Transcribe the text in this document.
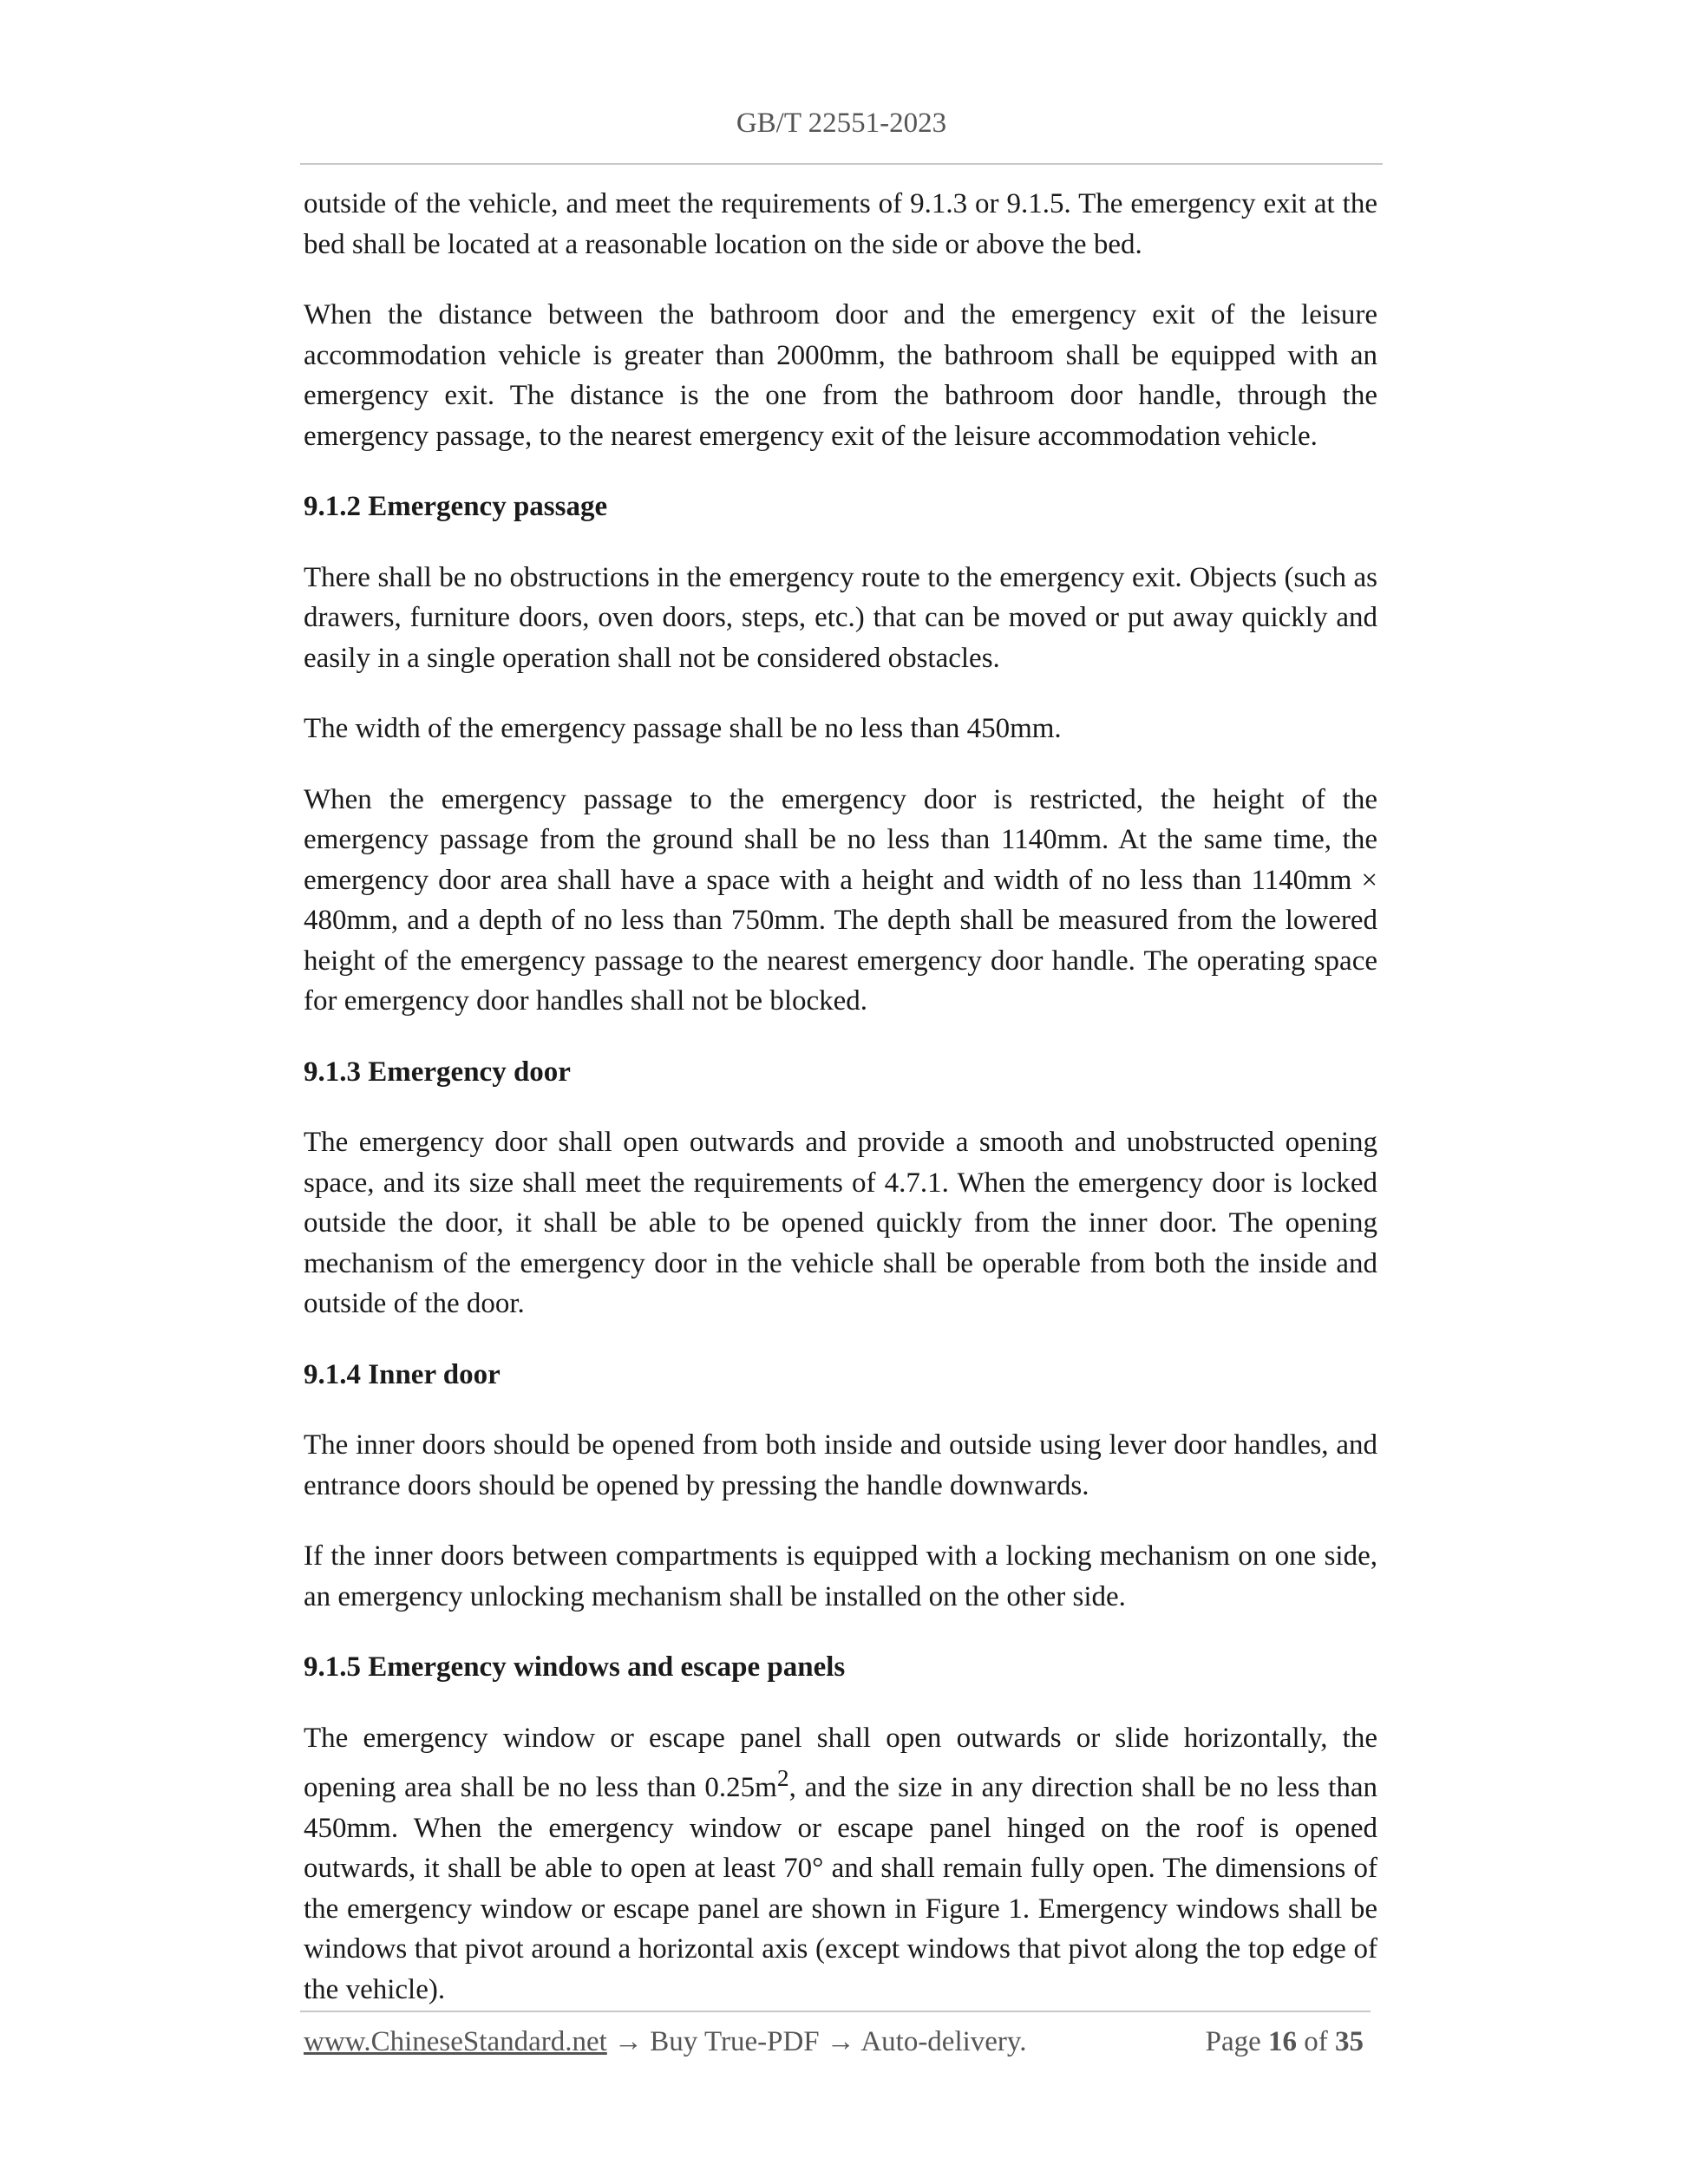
GB/T 22551-2023

outside of the vehicle, and meet the requirements of 9.1.3 or 9.1.5. The emergency exit at the bed shall be located at a reasonable location on the side or above the bed.

When the distance between the bathroom door and the emergency exit of the leisure accommodation vehicle is greater than 2000mm, the bathroom shall be equipped with an emergency exit. The distance is the one from the bathroom door handle, through the emergency passage, to the nearest emergency exit of the leisure accommodation vehicle.

9.1.2 Emergency passage

There shall be no obstructions in the emergency route to the emergency exit. Objects (such as drawers, furniture doors, oven doors, steps, etc.) that can be moved or put away quickly and easily in a single operation shall not be considered obstacles.

The width of the emergency passage shall be no less than 450mm.

When the emergency passage to the emergency door is restricted, the height of the emergency passage from the ground shall be no less than 1140mm. At the same time, the emergency door area shall have a space with a height and width of no less than 1140mm × 480mm, and a depth of no less than 750mm. The depth shall be measured from the lowered height of the emergency passage to the nearest emergency door handle. The operating space for emergency door handles shall not be blocked.

9.1.3 Emergency door

The emergency door shall open outwards and provide a smooth and unobstructed opening space, and its size shall meet the requirements of 4.7.1. When the emergency door is locked outside the door, it shall be able to be opened quickly from the inner door. The opening mechanism of the emergency door in the vehicle shall be operable from both the inside and outside of the door.

9.1.4 Inner door

The inner doors should be opened from both inside and outside using lever door handles, and entrance doors should be opened by pressing the handle downwards.

If the inner doors between compartments is equipped with a locking mechanism on one side, an emergency unlocking mechanism shall be installed on the other side.

9.1.5 Emergency windows and escape panels

The emergency window or escape panel shall open outwards or slide horizontally, the opening area shall be no less than $0.25m^2$, and the size in any direction shall be no less than 450mm. When the emergency window or escape panel hinged on the roof is opened outwards, it shall be able to open at least 70° and shall remain fully open. The dimensions of the emergency window or escape panel are shown in Figure 1. Emergency windows shall be windows that pivot around a horizontal axis (except windows that pivot along the top edge of the vehicle).

www.ChineseStandard.net → Buy True-PDF → Auto-delivery.	Page 16 of 35
